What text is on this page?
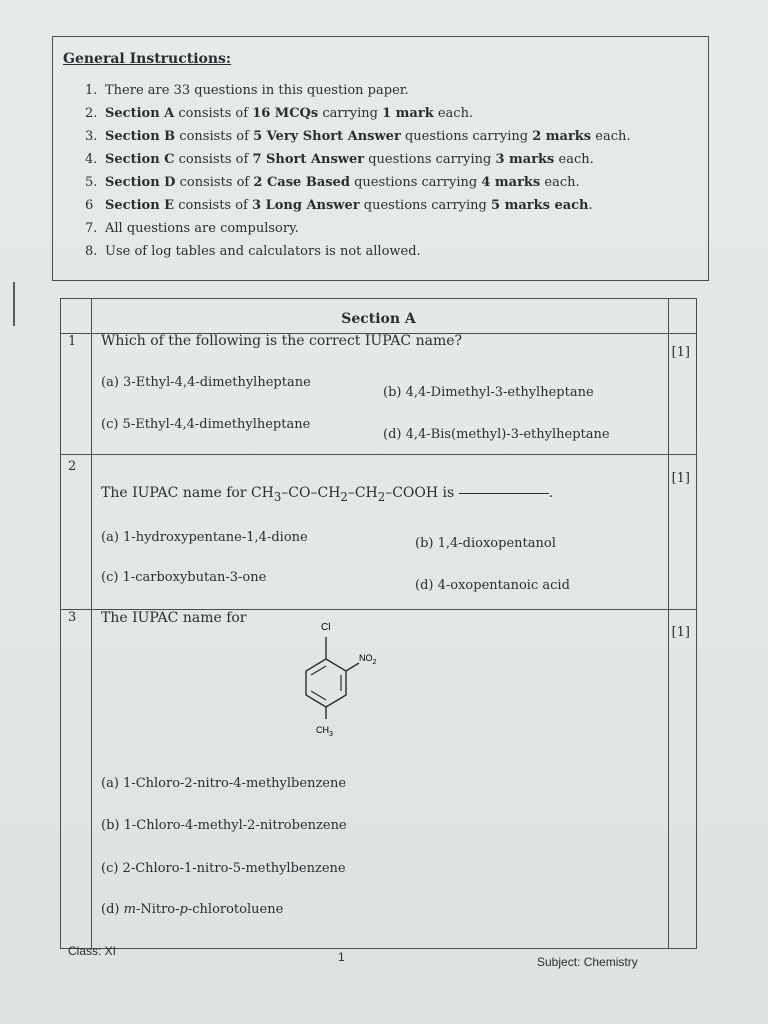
General Instructions:
1. There are 33 questions in this question paper.
2. Section A consists of 16 MCQs carrying 1 mark each.
3. Section B consists of 5 Very Short Answer questions carrying 2 marks each.
4. Section C consists of 7 Short Answer questions carrying 3 marks each.
5. Section D consists of 2 Case Based questions carrying 4 marks each.
6 Section E consists of 3 Long Answer questions carrying 5 marks each.
7. All questions are compulsory.
8. Use of log tables and calculators is not allowed.
Section A
1 Which of the following is the correct IUPAC name?
[1]
(a) 3-Ethyl-4,4-dimethylheptane
(b) 4,4-Dimethyl-3-ethylheptane
(c) 5-Ethyl-4,4-dimethylheptane
(d) 4,4-Bis(methyl)-3-ethylheptane
2
[1]
The IUPAC name for $CH_3-CO-CH_2-CH_2$–COOH is	.
(a) 1-hydroxypentane-1,4-dione	(b) 1,4-dioxopentanol
(c) 1-carboxybutan-3-one
(d) 4-oxopentanoic acid
3 The IUPAC name for
[1]
Cl
$NO_2$
$CH_3$
(a) 1-Chloro-2-nitro-4-methylbenzene
(b) 1-Chloro-4-methyl-2-nitrobenzene
(c) 2-Chloro-1-nitro-5-methylbenzene
(d) m-Nitro-p-chlorotoluene
Class: XI	1	Subject: Chemistry
